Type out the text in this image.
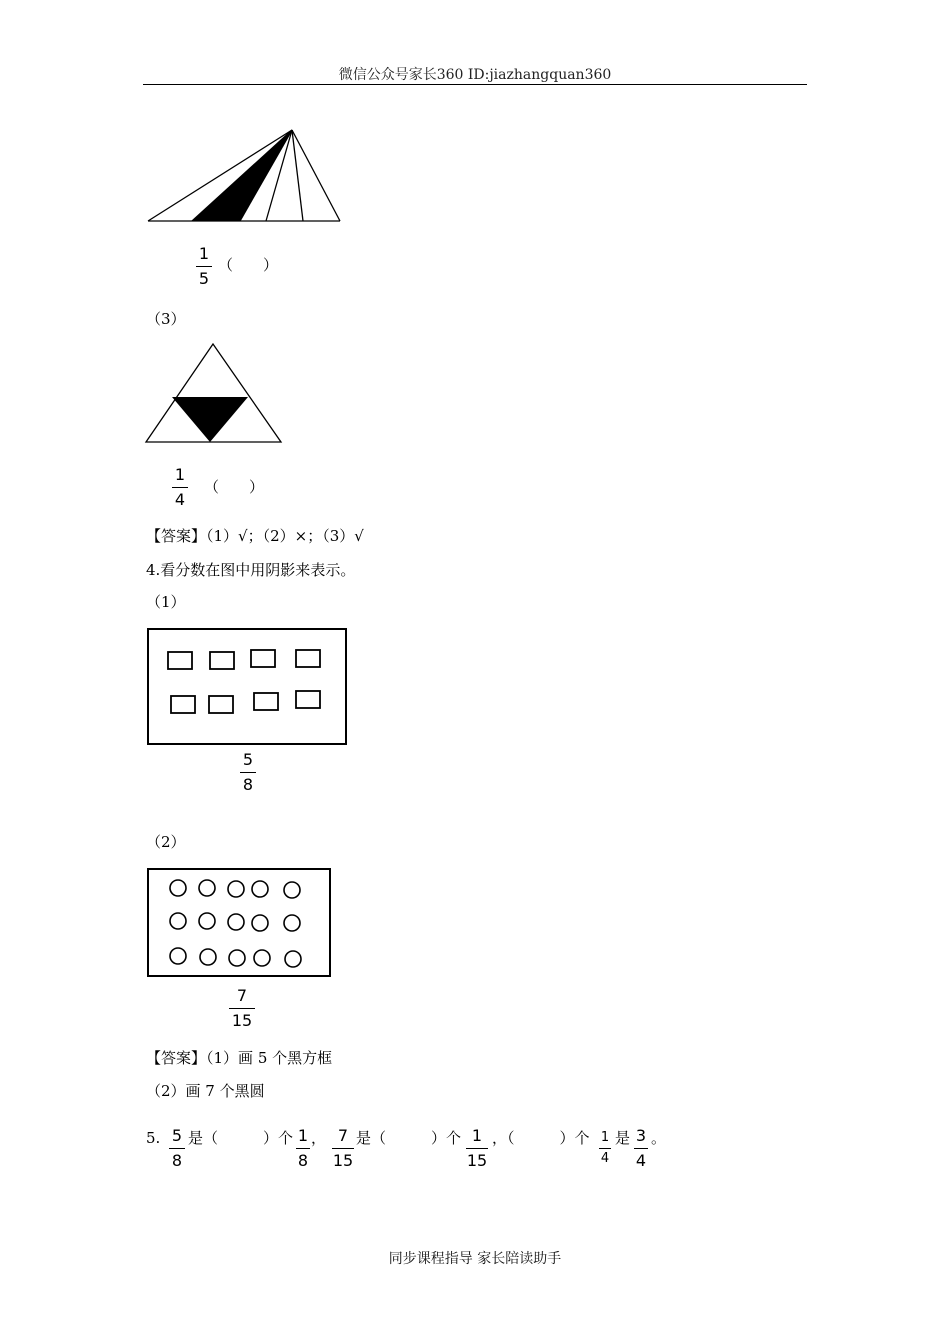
微信公众号家长360 ID:jiazhangquan360
1
5
（　　）
（3）
1
4
（　　）
【答案】（1）√；（2）×；（3）√
4.看分数在图中用阴影来表示。
（1）
5
8
（2）
7
15
【答案】（1）画 5 个黑方框
（2）画 7 个黑圆
5. 5
8
是（　　　）个 1
8
， 7
15
是（　　　）个 1
15
，（　　　）个 1
4
是 3
4
。
同步课程指导 家长陪读助手
